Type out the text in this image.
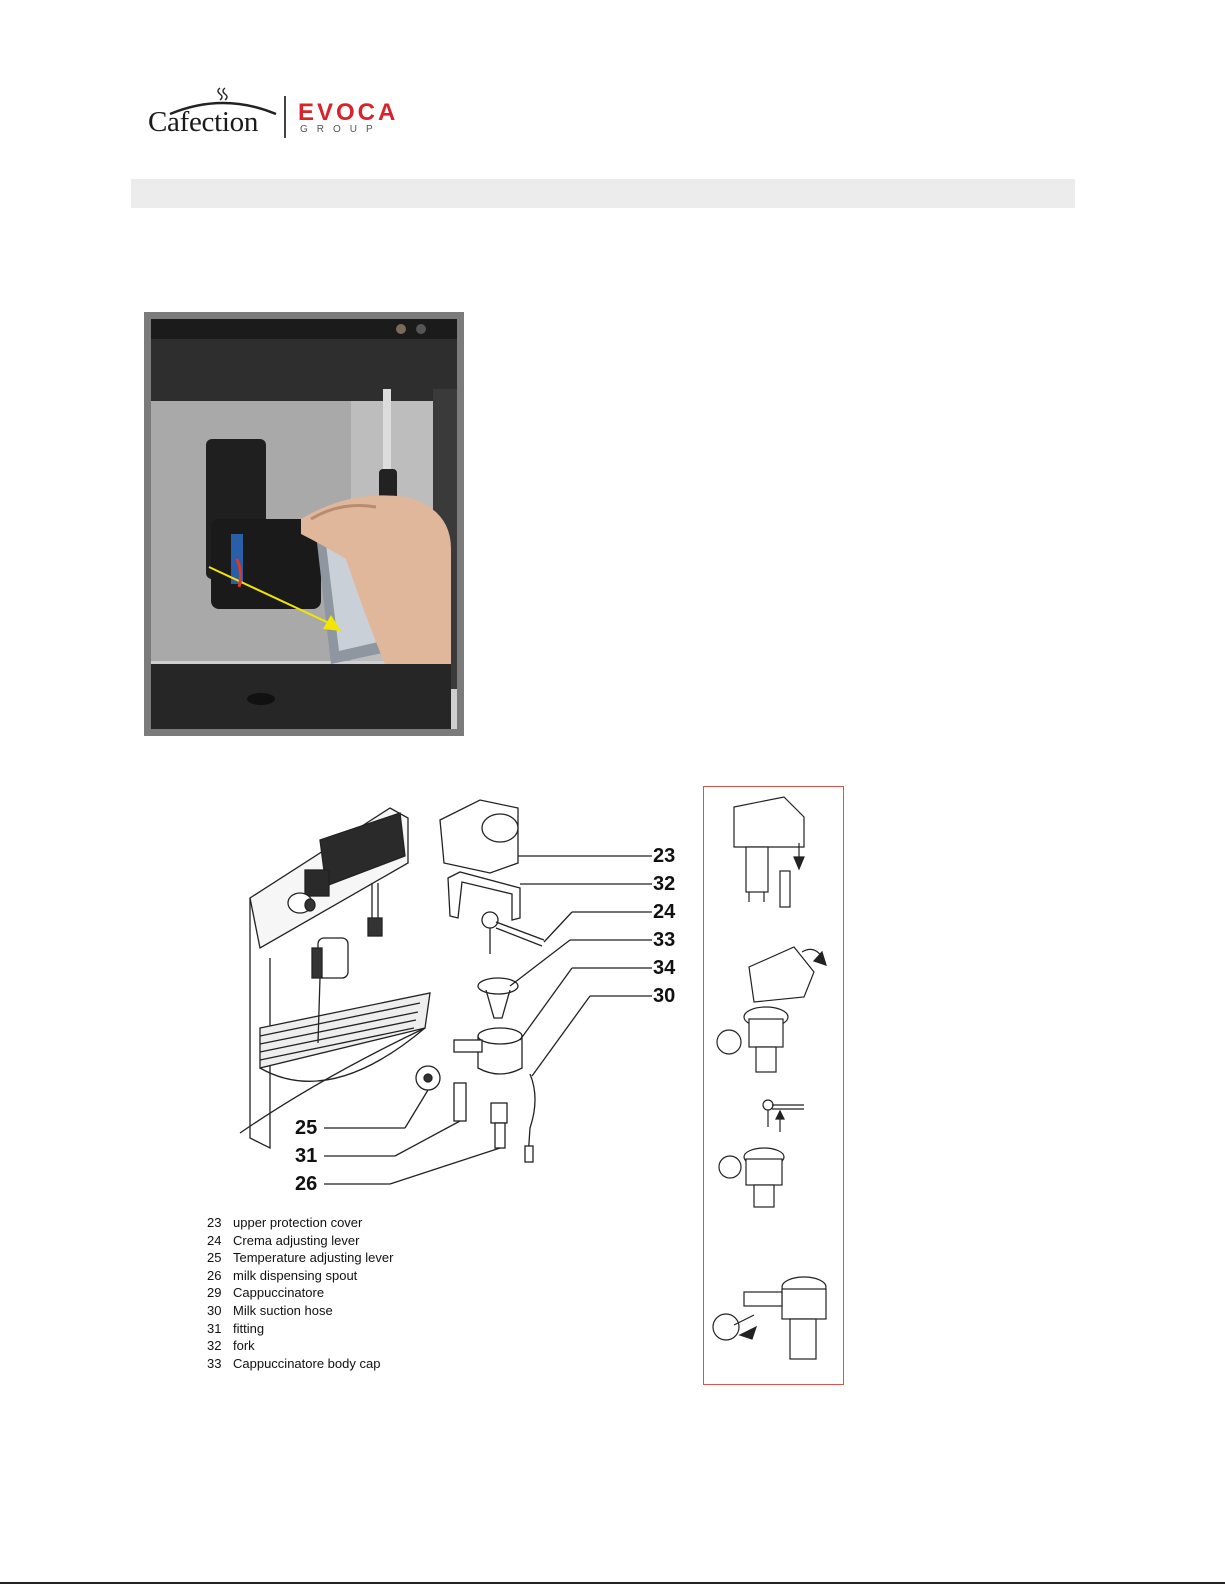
Cafection EVOCA
GROUP
23
32
24
33
34
30
25
31
26
23 upper protection cover
24 Crema adjusting lever
25 Temperature adjusting lever
26 milk dispensing spout
29 Cappuccinatore
30 Milk suction hose
31 fitting
32 fork
33 Cappuccinatore body cap
